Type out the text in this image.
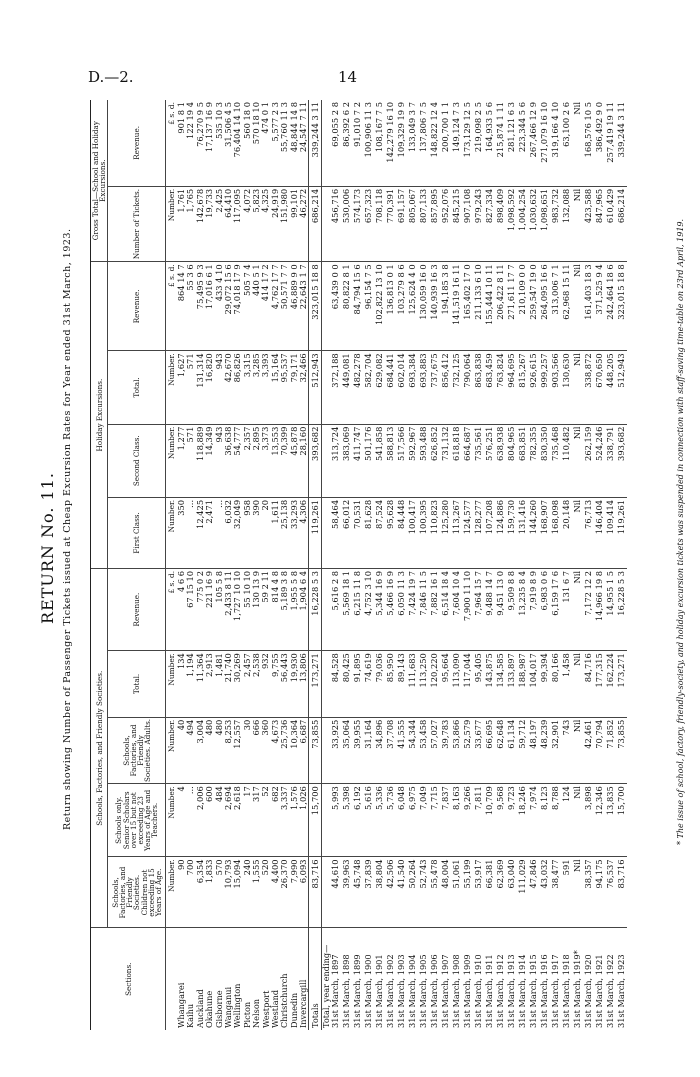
D.—2.	14
RETURN No. 11. Return showing Number of Passenger Tickets issued at Cheap Excursion Rates for Year ended 31st March, 1923.	* The issue of school, factory, friendly-society, and holiday excursion tickets was suspended in connection with staff-saving time-table on 23rd April, 1919.
Sections.	Schools, Factories, and Friendly Societies.					Holiday Excursions.				Gross Total—School and Holiday Excursions.	
	Schools, Factories, and Friendly Societies. Children not exceeding 15 Years of Age.	Schools only. Senior Scholars over 15 but not exceeding 23 Years of Age and Teachers.	Schools, Factories, and Friendly Societies. Adults.	Total.	Revenue.	First Class.	Second Class.	Total.	Revenue.	Number of Tickets.	Revenue.
	Number.	Number.	Number.	Number.	£ s. d.	Number.	Number.	Number.	£ s. d.	Number.	£ s. d.
Whangarei	90	4	40	134	4 6 6	350	1,277	1,627	864 14 7	1,761	901 8 1
Kaihu	700	...	494	1,194	67 15 10	...	571	571	55 3 6	1,765	122 19 4
Auckland	6,354	2,006	3,004	11,364	775 0 2	12,425	118,889	131,314	75,495 9 3	142,678	76,270 9 5
Okahune	1,833	600	480	2,913	221 16 9	2,471	14,349	16,820	17,016 6 1	19,733	17,137 16 9
Gisborne	570	484	480	1,481	105 5 8	...	943	943	433 4 10	2,425	535 10 3
Wanganui	10,793	2,694	8,253	21,740	2,433 8 11	6,032	36,638	42,670	29,072 15 6	64,410	31,506 4 5
Wellington	15,094	2,618	12,557	30,269	1,727 10 10	32,049	54,777	86,826	74,018 17 9	117,095	76,404 14 10
Picton	240	17	30	2,457	55 10 10	958	2,357	3,315	505 7 4	4,072	560 18 0
Nelson	1,555	317	666	2,538	130 13 9	390	2,895	3,285	440 5 1	5,823	570 18 10
Westport	520	52	360	932	59 2 11	20	3,373	3,393	414 17 2	4,325	474 0 1
Westland	4,400	682	4,673	9,755	814 4 8	1,611	13,553	15,164	4,762 17 7	24,919	5,577 2 3
Christchurch	26,370	3,337	25,736	56,443	5,189 3 8	25,138	70,399	95,537	50,571 7 7	151,980	55,760 11 3
Dunedin	7,990	1,576	10,364	19,930	1,955 5 8	33,293	45,878	79,171	46,889 9 0	99,101	48,844 14 8
Invercargill	6,093	1,026	6,687	13,806	1,904 6 4	4,306	28,160	32,466	22,643 1 7	46,272	24,547 7 11
Totals	83,716	15,700	73,855	173,271	16,228 5 3	119,261	393,682	512,943	323,015 18 8	686,214	339,244 3 11
Total, year ending—											
31st March, 1897	44,610	5,993	33,925	84,528	5,616 2 8	58,464	313,724	372,188	63,439 0 0	456,716	69,055 2 8
31st March, 1898	39,963	5,398	35,064	80,425	5,569 18 1	66,012	383,069	449,081	80,822 8 1	530,006	86,392 6 2
31st March, 1899	45,748	6,192	39,955	91,895	6,215 11 8	70,531	411,747	482,278	84,794 15 6	574,173	91,010 7 2
31st March, 1900	37,839	5,616	31,164	74,619	4,752 3 10	81,628	501,176	582,704	96,154 7 5	657,323	100,906 11 3
31st March, 1901	38,804	5,336	34,896	79,036	5,344 16 9	87,524	541,858	629,082	102,822 13 10	708,118	108,167 7 5
31st March, 1902	42,506	5,736	37,708	85,950	5,466 16 9	95,628	588,813	684,441	136,813 0 1	770,391	142,279 16 10
31st March, 1903	41,540	6,048	41,555	89,143	6,050 11 3	84,448	517,566	602,014	103,279 8 6	691,157	109,329 19 9
31st March, 1904	50,264	6,975	54,344	111,683	7,424 19 7	100,417	592,967	693,384	125,624 4 0	805,067	133,049 3 7
31st March, 1905	52,743	7,049	53,458	113,250	7,846 11 5	100,395	593,488	693,883	130,059 16 0	807,133	137,806 7 5
31st March, 1906	55,478	7,715	57,027	120,220	7,882 16 1	110,823	626,852	737,675	140,939 16 3	857,895	148,822 12 4
31st March, 1907	48,004	7,837	39,783	95,664	6,514 18 4	125,280	731,132	856,412	194,185 3 8	952,076	200,700 1 1
31st March, 1908	51,061	8,163	53,866	113,090	7,604 10 4	113,267	618,818	732,125	141,519 16 11	845,215	149,124 7 3
31st March, 1909	55,199	9,266	52,579	117,044	7,900 11 10	124,577	664,687	790,064	165,402 17 0	907,108	173,129 12 5
31st March, 1910	53,917	7,811	33,677	95,405	7,964 15 7	128,277	735,561	863,838	211,133 6 10	979,243	219,098 2 5
31st March, 1911	66,381	10,709	66,695	143,875	9,488 14 7	107,208	576,251	683,459	155,444 10 11	827,334	164,933 5 6
31st March, 1912	62,369	9,568	62,648	134,585	9,451 13 0	124,886	638,938	763,824	206,422 8 11	898,409	215,874 1 11
31st March, 1913	63,040	9,723	61,134	133,897	9,509 8 8	159,730	804,965	964,695	271,611 17 7	1,098,592	281,121 6 3
31st March, 1914	111,029	18,246	59,712	188,987	13,235 8 4	131,416	683,851	815,267	210,109 0 0	1,004,254	223,344 5 6
31st March, 1915	47,846	7,974	48,197	104,017	7,919 8 9	144,260	782,355	926,615	259,547 19 0	1,030,632	267,466 12 9
31st March, 1916	43,032	8,123	48,239	99,394	6,983 0 6	168,907	830,350	999,257	264,095 16 6	1,098,651	271,079 16 10
31st March, 1917	38,477	8,788	32,901	80,166	6,159 17 6	168,098	735,468	903,566	313,006 7 1	983,732	319,166 4 10
31st March, 1918	591	124	743	1,458	131 6 7	20,148	110,482	130,630	62,968 15 11	132,088	63,100 2 6
31st March, 1919*	Nil	Nil	Nil	Nil	Nil	Nil	Nil	Nil	Nil	Nil	Nil
31st March, 1920	38,357	3,898	42,461	84,716	7,172 12 2	76,713	262,159	338,872	161,403 18 3	423,588	168,576 10 5
31st March, 1921	94,175	12,346	70,794	177,315	14,966 19 8	146,404	524,246	670,650	371,525 9 4	847,965	386,492 9 0
31st March, 1922	76,537	13,835	71,852	162,224	14,955 1 5	109,414	338,791	448,205	242,464 18 6	610,429	257,419 19 11
31st March, 1923	83,716	15,700	73,855	173,271	16,228 5 3	119,261	393,682	512,943	323,015 18 8	686,214	339,244 3 11
